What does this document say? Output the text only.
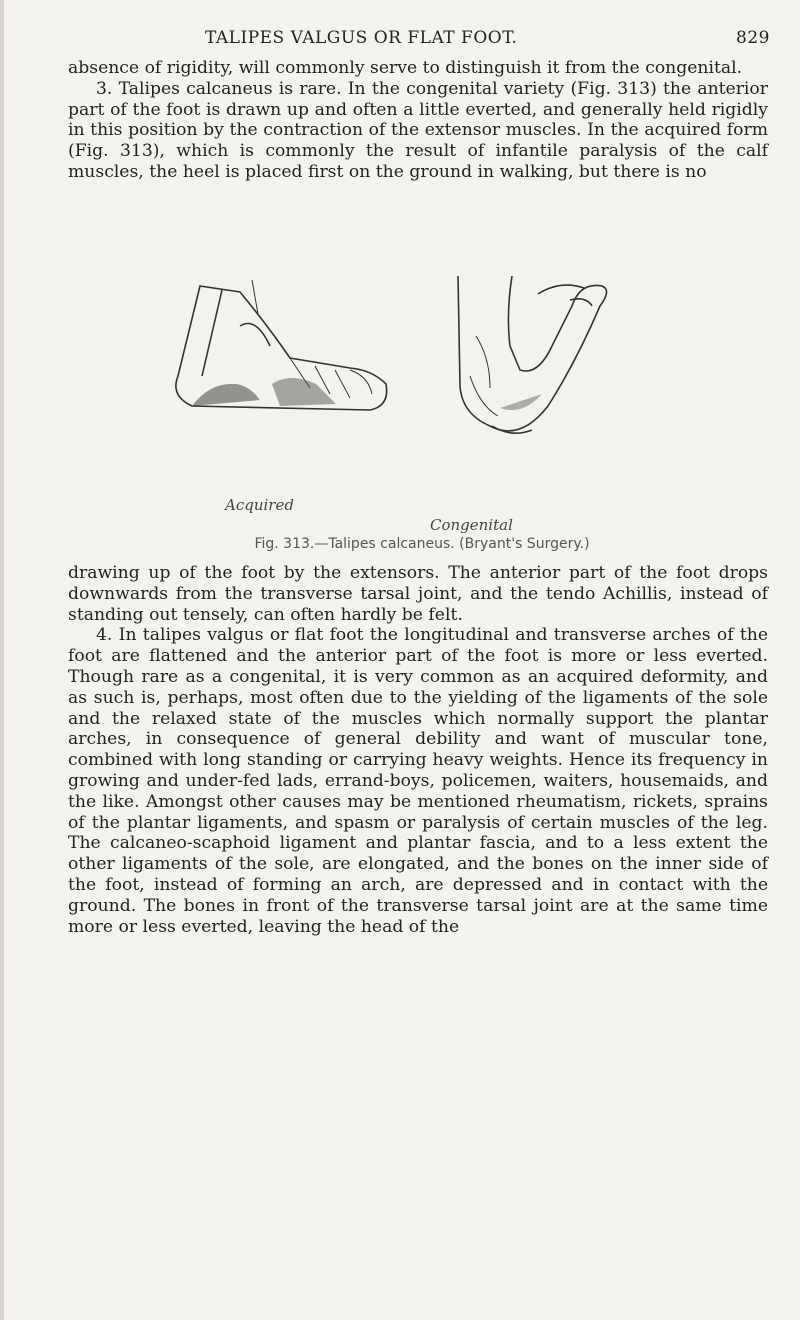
TALIPES VALGUS OR FLAT FOOT.	829

absence of rigidity, will commonly serve to distinguish it from the congenital.

3. Talipes calcaneus is rare. In the congenital variety (Fig. 313) the anterior part of the foot is drawn up and often a little everted, and generally held rigidly in this position by the contraction of the extensor muscles. In the acquired form (Fig. 313), which is commonly the result of infantile paralysis of the calf muscles, the heel is placed first on the ground in walking, but there is no

Acquired
Congenital
Fig. 313.—Talipes calcaneus. (Bryant's Surgery.)

drawing up of the foot by the extensors. The anterior part of the foot drops downwards from the transverse tarsal joint, and the tendo Achillis, instead of standing out tensely, can often hardly be felt.

4. In talipes valgus or flat foot the longitudinal and transverse arches of the foot are flattened and the anterior part of the foot is more or less everted. Though rare as a congenital, it is very common as an acquired deformity, and as such is, perhaps, most often due to the yielding of the ligaments of the sole and the relaxed state of the muscles which normally support the plantar arches, in consequence of general debility and want of muscular tone, combined with long standing or carrying heavy weights. Hence its frequency in growing and under-fed lads, errand-boys, policemen, waiters, housemaids, and the like. Amongst other causes may be mentioned rheumatism, rickets, sprains of the plantar ligaments, and spasm or paralysis of certain muscles of the leg. The calcaneo-scaphoid ligament and plantar fascia, and to a less extent the other ligaments of the sole, are elongated, and the bones on the inner side of the foot, instead of forming an arch, are depressed and in contact with the ground. The bones in front of the transverse tarsal joint are at the same time more or less everted, leaving the head of the
